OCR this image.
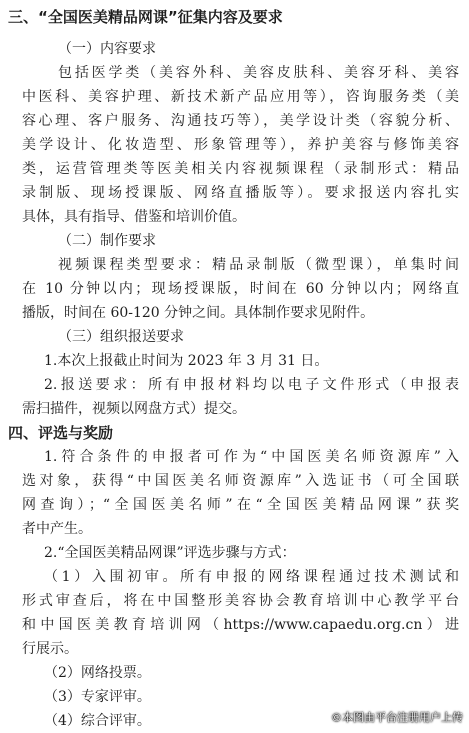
三、“全国医美精品网课”征集内容及要求
（一）内容要求
包括医学类（美容外科、美容皮肤科、美容牙科、美容
中医科、美容护理、新技术新产品应用等），咨询服务类（美
容心理、客户服务、沟通技巧等），美学设计类（容貌分析、
美学设计、化妆造型、形象管理等），养护美容与修饰美容
类，运营管理类等医美相关内容视频课程（录制形式：精品
录制版、现场授课版、网络直播版等）。要求报送内容扎实
具体，具有指导、借鉴和培训价值。
（二）制作要求
视频课程类型要求：精品录制版（微型课），单集时间
在 10 分钟以内；现场授课版，时间在 60 分钟以内；网络直
播版，时间在 60-120 分钟之间。具体制作要求见附件。
（三）组织报送要求
1.本次上报截止时间为 2023 年 3 月 31 日。
2.报送要求：所有申报材料均以电子文件形式（申报表
需扫描件，视频以网盘方式）提交。
四、评选与奖励
1.符合条件的申报者可作为“中国医美名师资源库”入
选对象，获得“中国医美名师资源库”入选证书（可全国联
网查询）；“全国医美名师”在“全国医美精品网课”获奖
者中产生。
2.“全国医美精品网课”评选步骤与方式：
（1）入围初审。所有申报的网络课程通过技术测试和
形式审查后，将在中国整形美容协会教育培训中心教学平台
和中国医美教育培训网（https://www.capaedu.org.cn）进
行展示。
（2）网络投票。
（3）专家评审。
（4）综合评审。	©本图由平台注册用户上传
